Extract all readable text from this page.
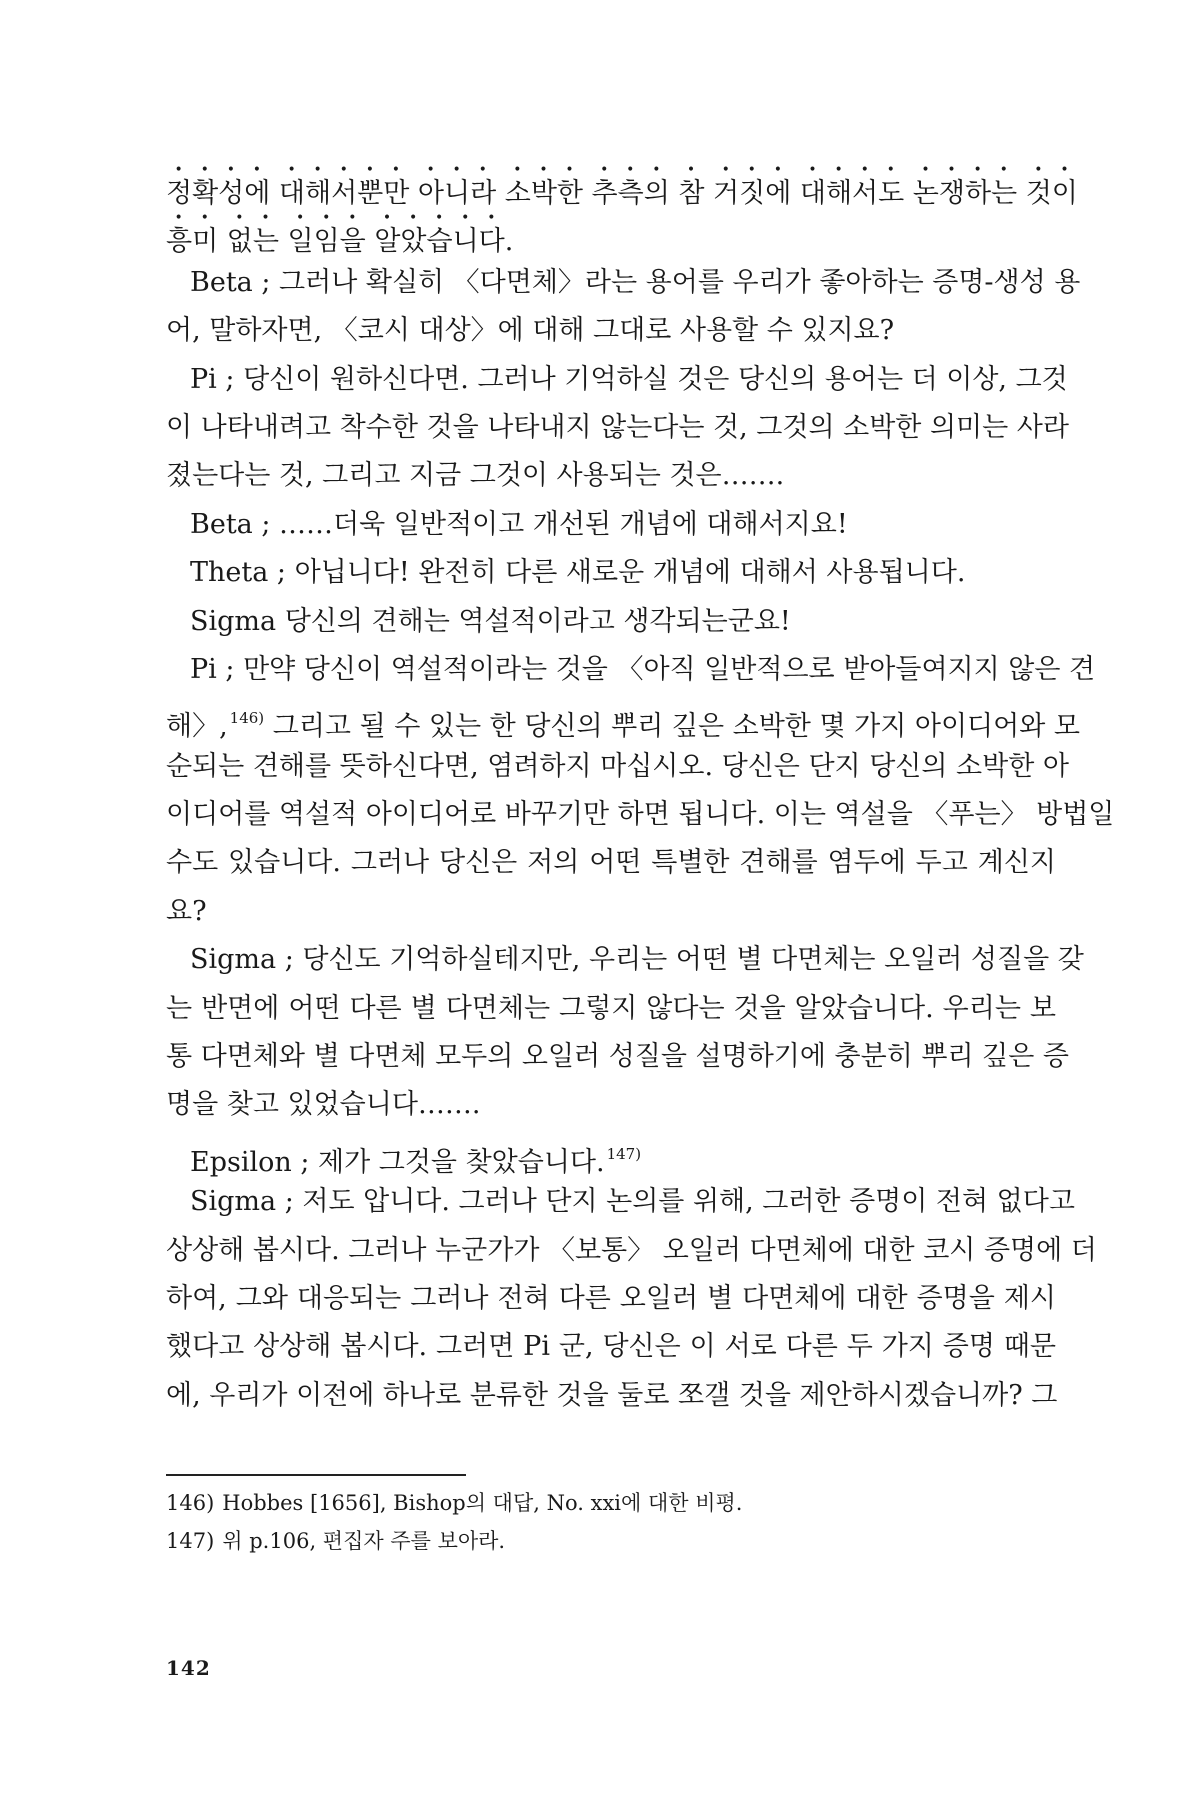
정확성에 대해서뿐만 아니라 소박한 추측의 참 거짓에 대해서도 논쟁하는 것이
흥미 없는 일임을 알았습니다.
Beta ; 그러나 확실히 〈다면체〉라는 용어를 우리가 좋아하는 증명-생성 용
어, 말하자면, 〈코시 대상〉에 대해 그대로 사용할 수 있지요?
Pi ; 당신이 원하신다면. 그러나 기억하실 것은 당신의 용어는 더 이상, 그것
이 나타내려고 착수한 것을 나타내지 않는다는 것, 그것의 소박한 의미는 사라
졌는다는 것, 그리고 지금 그것이 사용되는 것은…….
Beta ; ……더욱 일반적이고 개선된 개념에 대해서지요!
Theta ; 아닙니다! 완전히 다른 새로운 개념에 대해서 사용됩니다.
Sigma 당신의 견해는 역설적이라고 생각되는군요!
Pi ; 만약 당신이 역설적이라는 것을 〈아직 일반적으로 받아들여지지 않은 견
해〉, $^{146)}$ 그리고 될 수 있는 한 당신의 뿌리 깊은 소박한 몇 가지 아이디어와 모
순되는 견해를 뜻하신다면, 염려하지 마십시오. 당신은 단지 당신의 소박한 아
이디어를 역설적 아이디어로 바꾸기만 하면 됩니다. 이는 역설을 〈푸는〉 방법일
수도 있습니다. 그러나 당신은 저의 어떤 특별한 견해를 염두에 두고 계신지
요?
Sigma ; 당신도 기억하실테지만, 우리는 어떤 별 다면체는 오일러 성질을 갖
는 반면에 어떤 다른 별 다면체는 그렇지 않다는 것을 알았습니다. 우리는 보
통 다면체와 별 다면체 모두의 오일러 성질을 설명하기에 충분히 뿌리 깊은 증
명을 찾고 있었습니다…….
Epsilon ; 제가 그것을 찾았습니다. $^{147)}$
Sigma ; 저도 압니다. 그러나 단지 논의를 위해, 그러한 증명이 전혀 없다고
상상해 봅시다. 그러나 누군가가 〈보통〉 오일러 다면체에 대한 코시 증명에 더
하여, 그와 대응되는 그러나 전혀 다른 오일러 별 다면체에 대한 증명을 제시
했다고 상상해 봅시다. 그러면 Pi 군, 당신은 이 서로 다른 두 가지 증명 때문
에, 우리가 이전에 하나로 분류한 것을 둘로 쪼갤 것을 제안하시겠습니까? 그
146) Hobbes [1656], Bishop의 대답, No. xxi에 대한 비평.
147) 위 p.106, 편집자 주를 보아라.
142
